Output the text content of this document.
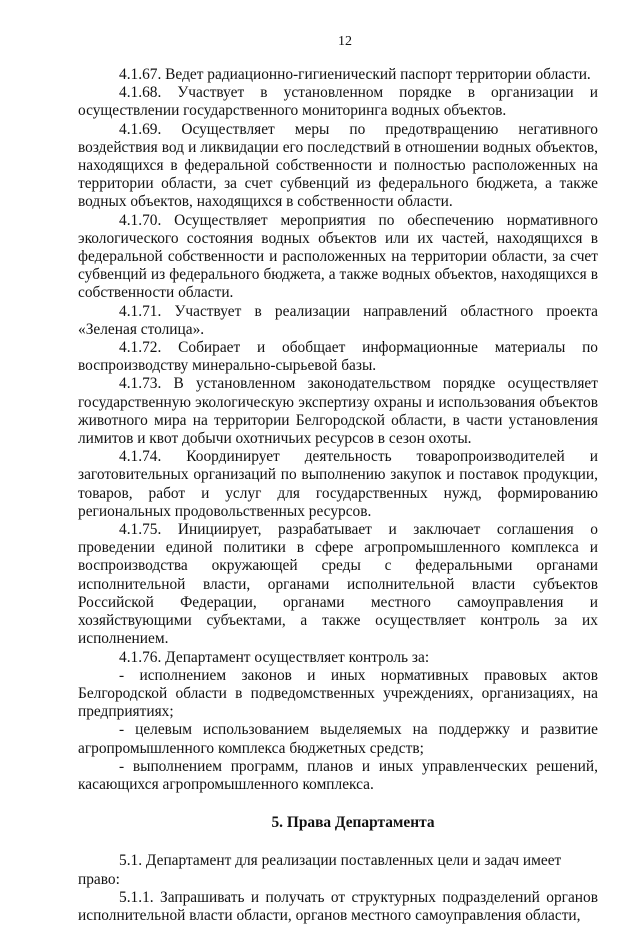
12

4.1.67. Ведет радиационно-гигиенический паспорт территории области.

4.1.68. Участвует в установленном порядке в организации и осуществлении государственного мониторинга водных объектов.

4.1.69. Осуществляет меры по предотвращению негативного воздействия вод и ликвидации его последствий в отношении водных объектов, находящихся в федеральной собственности и полностью расположенных на территории области, за счет субвенций из федерального бюджета, а также водных объектов, находящихся в собственности области.

4.1.70. Осуществляет мероприятия по обеспечению нормативного экологического состояния водных объектов или их частей, находящихся в федеральной собственности и расположенных на территории области, за счет субвенций из федерального бюджета, а также водных объектов, находящихся в собственности области.

4.1.71. Участвует в реализации направлений областного проекта «Зеленая столица».

4.1.72. Собирает и обобщает информационные материалы по воспроизводству минерально-сырьевой базы.

4.1.73. В установленном законодательством порядке осуществляет государственную экологическую экспертизу охраны и использования объектов животного мира на территории Белгородской области, в части установления лимитов и квот добычи охотничьих ресурсов в сезон охоты.

4.1.74. Координирует деятельность товаропроизводителей и заготовительных организаций по выполнению закупок и поставок продукции, товаров, работ и услуг для государственных нужд, формированию региональных продовольственных ресурсов.

4.1.75. Инициирует, разрабатывает и заключает соглашения о проведении единой политики в сфере агропромышленного комплекса и воспроизводства окружающей среды с федеральными органами исполнительной власти, органами исполнительной власти субъектов Российской Федерации, органами местного самоуправления и хозяйствующими субъектами, а также осуществляет контроль за их исполнением.

4.1.76. Департамент осуществляет контроль за:

- исполнением законов и иных нормативных правовых актов Белгородской области в подведомственных учреждениях, организациях, на предприятиях;

- целевым использованием выделяемых на поддержку и развитие агропромышленного комплекса бюджетных средств;

- выполнением программ, планов и иных управленческих решений, касающихся агропромышленного комплекса.

5. Права Департамента

5.1. Департамент для реализации поставленных цели и задач имеет право:

5.1.1. Запрашивать и получать от структурных подразделений органов исполнительной власти области, органов местного самоуправления области,
